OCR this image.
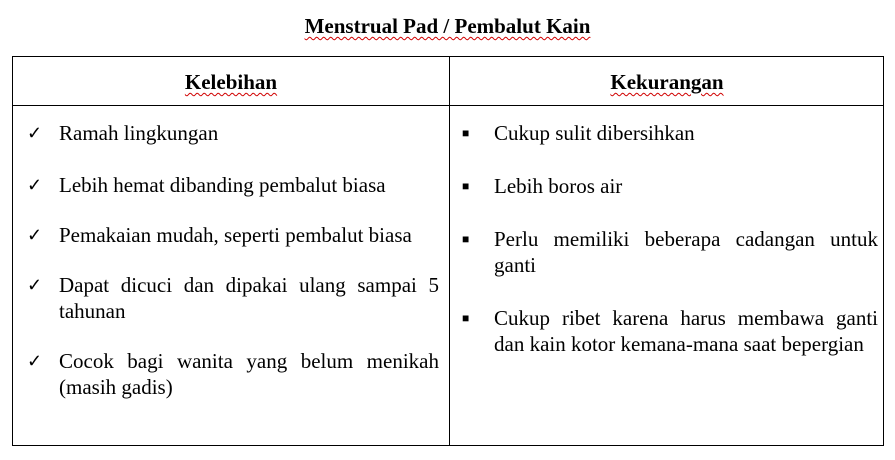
Menstrual Pad / Pembalut Kain
Kelebihan	Kekurangan
✓ Ramah lingkungan
✓ Lebih hemat dibanding pembalut biasa
✓ Pemakaian mudah, seperti pembalut biasa
✓ Dapat dicuci dan dipakai ulang sampai 5 tahunan
✓ Cocok bagi wanita yang belum menikah (masih gadis)
■ Cukup sulit dibersihkan
■ Lebih boros air
■ Perlu memiliki beberapa cadangan untuk ganti
■ Cukup ribet karena harus membawa ganti dan kain kotor kemana-mana saat bepergian
